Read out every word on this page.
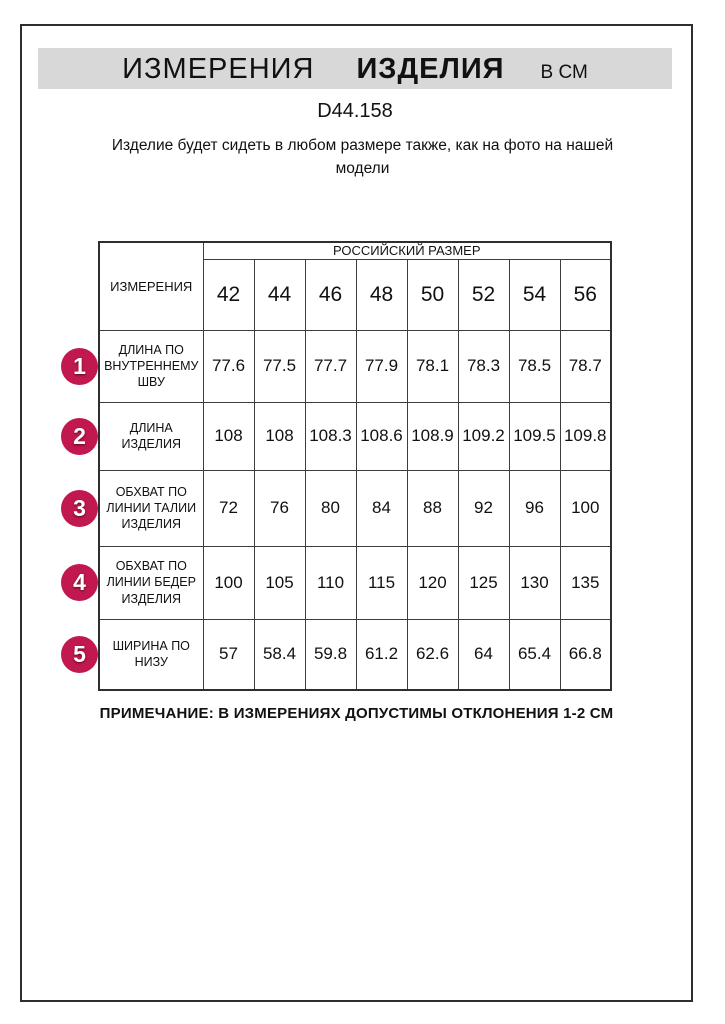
ИЗМЕРЕНИЯ ИЗДЕЛИЯ В СМ
D44.158
Изделие будет сидеть в любом размере также, как на фото на нашей модели
ИЗМЕРЕНИЯ	РОССИЙСКИЙ РАЗМЕР							
	42	44	46	48	50	52	54	56
ДЛИНА ПО ВНУТРЕННЕМУ ШВУ	77.6	77.5	77.7	77.9	78.1	78.3	78.5	78.7
ДЛИНА ИЗДЕЛИЯ	108	108	108.3	108.6	108.9	109.2	109.5	109.8
ОБХВАТ ПО ЛИНИИ ТАЛИИ ИЗДЕЛИЯ	72	76	80	84	88	92	96	100
ОБХВАТ ПО ЛИНИИ БЕДЕР ИЗДЕЛИЯ	100	105	110	115	120	125	130	135
ШИРИНА ПО НИЗУ	57	58.4	59.8	61.2	62.6	64	65.4	66.8
1
2
3
4
5
ПРИМЕЧАНИЕ: В ИЗМЕРЕНИЯХ ДОПУСТИМЫ ОТКЛОНЕНИЯ 1-2 СМ
